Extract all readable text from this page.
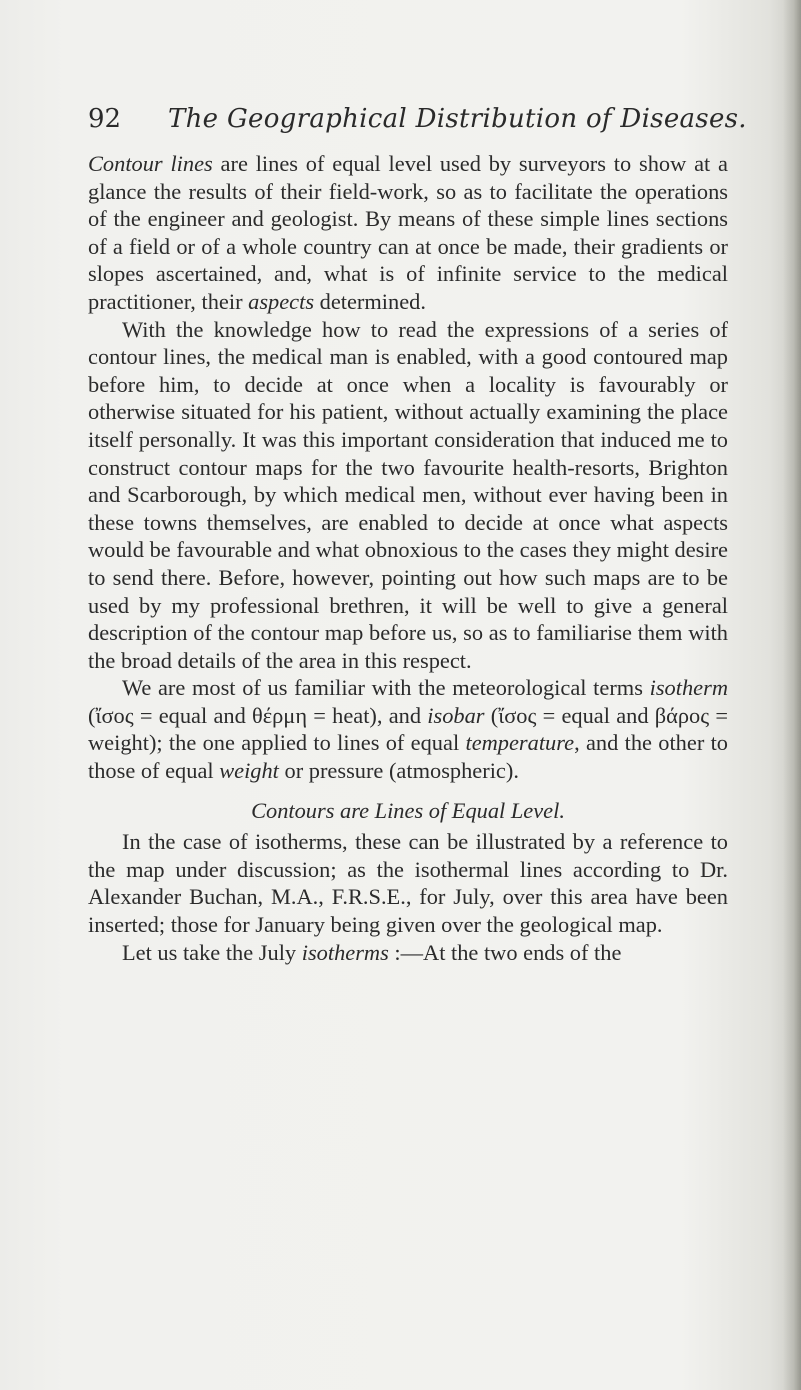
92 The Geographical Distribution of Diseases.

Contour lines are lines of equal level used by surveyors to show at a glance the results of their field-work, so as to facilitate the operations of the engineer and geologist. By means of these simple lines sections of a field or of a whole country can at once be made, their gradients or slopes ascertained, and, what is of infinite service to the medical practitioner, their aspects determined.

With the knowledge how to read the expressions of a series of contour lines, the medical man is enabled, with a good contoured map before him, to decide at once when a locality is favourably or otherwise situated for his patient, without actually examining the place itself personally. It was this important consideration that induced me to construct contour maps for the two favourite health-resorts, Brighton and Scarborough, by which medical men, without ever having been in these towns themselves, are enabled to decide at once what aspects would be favourable and what obnoxious to the cases they might desire to send there. Before, however, pointing out how such maps are to be used by my professional brethren, it will be well to give a general description of the contour map before us, so as to familiarise them with the broad details of the area in this respect.

We are most of us familiar with the meteorological terms isotherm (ἴσος = equal and θέρμη = heat), and isobar (ἴσος = equal and βάρος = weight); the one applied to lines of equal temperature, and the other to those of equal weight or pressure (atmospheric).

Contours are Lines of Equal Level.

In the case of isotherms, these can be illustrated by a reference to the map under discussion; as the isothermal lines according to Dr. Alexander Buchan, M.A., F.R.S.E., for July, over this area have been inserted; those for January being given over the geological map.

Let us take the July isotherms :—At the two ends of the
